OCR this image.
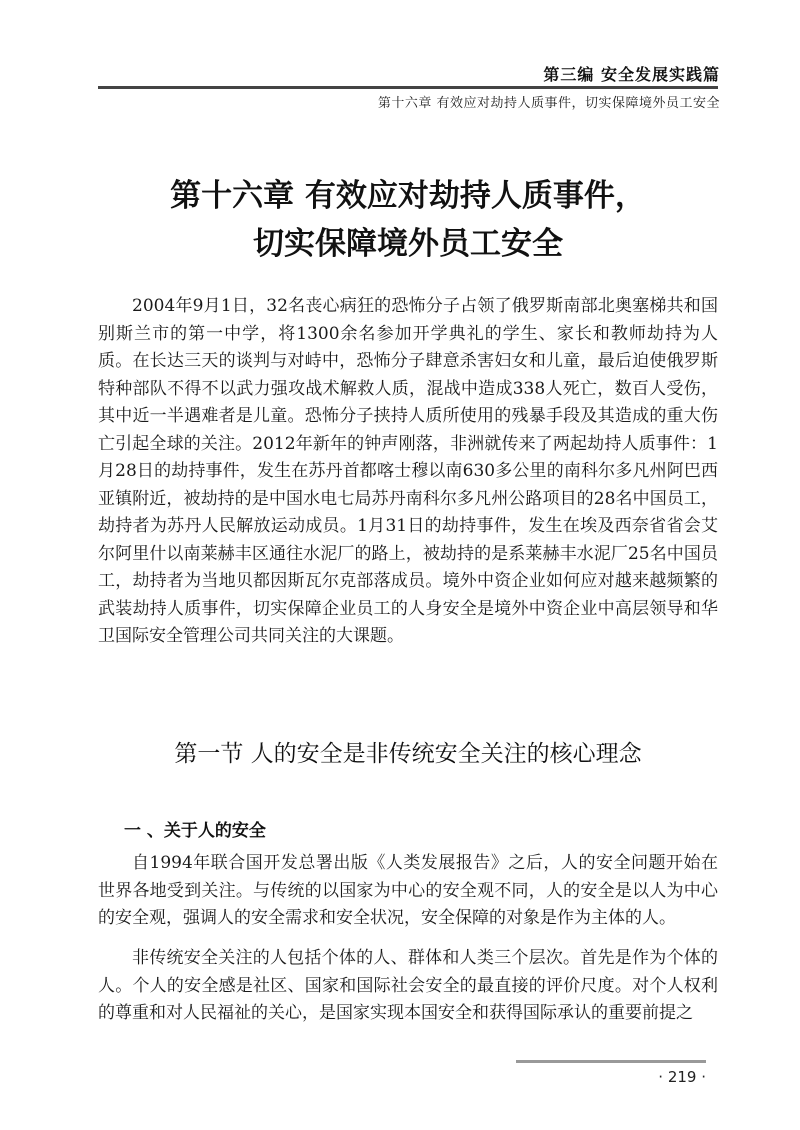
第三编 安全发展实践篇
第十六章 有效应对劫持人质事件，切实保障境外员工安全
第十六章 有效应对劫持人质事件，
切实保障境外员工安全

2004年9月1日，32名丧心病狂的恐怖分子占领了俄罗斯南部北奥塞梯共和国别斯兰市的第一中学，将1300余名参加开学典礼的学生、家长和教师劫持为人质。在长达三天的谈判与对峙中，恐怖分子肆意杀害妇女和儿童，最后迫使俄罗斯特种部队不得不以武力强攻战术解救人质，混战中造成338人死亡，数百人受伤，其中近一半遇难者是儿童。恐怖分子挟持人质所使用的残暴手段及其造成的重大伤亡引起全球的关注。2012年新年的钟声刚落，非洲就传来了两起劫持人质事件：1月28日的劫持事件，发生在苏丹首都喀士穆以南630多公里的南科尔多凡州阿巴西亚镇附近，被劫持的是中国水电七局苏丹南科尔多凡州公路项目的28名中国员工，劫持者为苏丹人民解放运动成员。1月31日的劫持事件，发生在埃及西奈省省会艾尔阿里什以南莱赫丰区通往水泥厂的路上，被劫持的是系莱赫丰水泥厂25名中国员工，劫持者为当地贝都因斯瓦尔克部落成员。境外中资企业如何应对越来越频繁的武装劫持人质事件，切实保障企业员工的人身安全是境外中资企业中高层领导和华卫国际安全管理公司共同关注的大课题。

第一节 人的安全是非传统安全关注的核心理念
一 、关于人的安全

自1994年联合国开发总署出版《人类发展报告》之后，人的安全问题开始在世界各地受到关注。与传统的以国家为中心的安全观不同，人的安全是以人为中心的安全观，强调人的安全需求和安全状况，安全保障的对象是作为主体的人。

非传统安全关注的人包括个体的人、群体和人类三个层次。首先是作为个体的人。个人的安全感是社区、国家和国际社会安全的最直接的评价尺度。对个人权利的尊重和对人民福祉的关心，是国家实现本国安全和获得国际承认的重要前提之

· 219 ·
